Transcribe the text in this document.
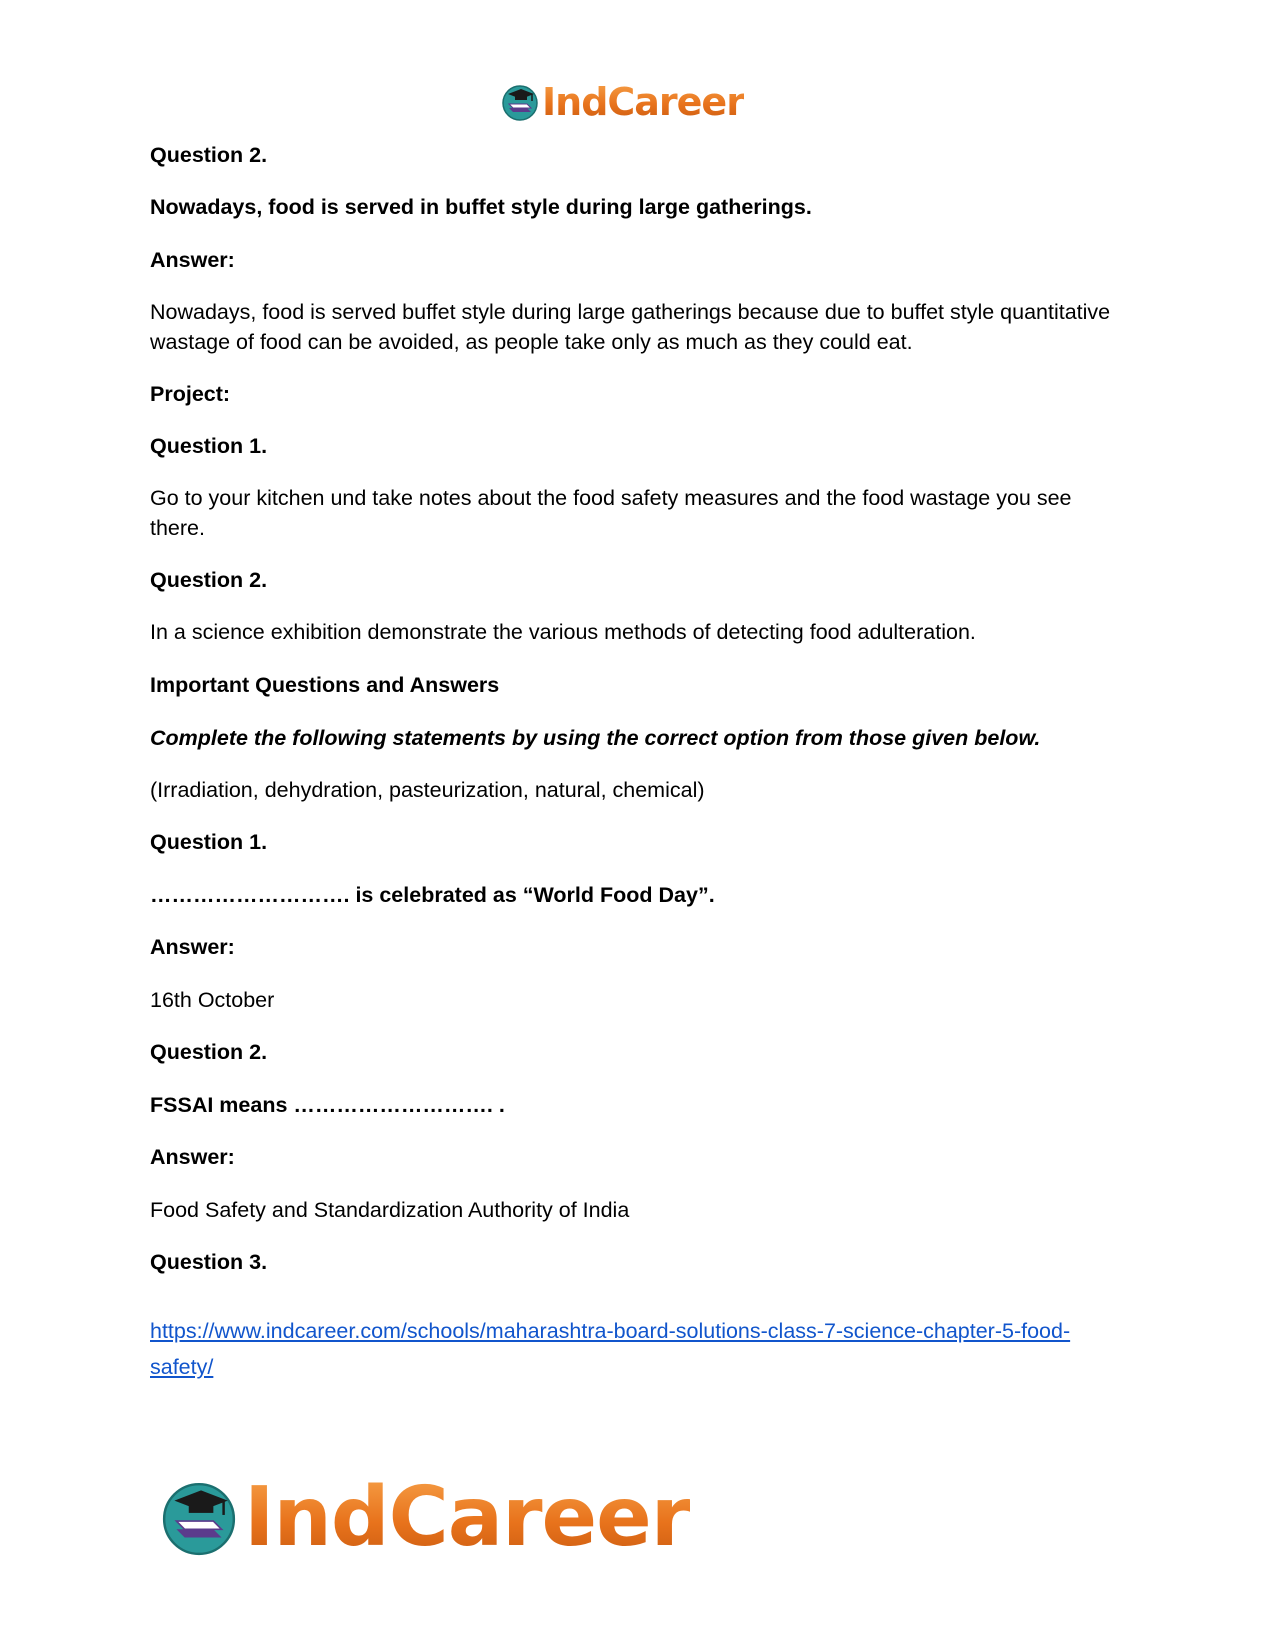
IndCareer
Question 2.
Nowadays, food is served in buffet style during large gatherings.
Answer:
Nowadays, food is served buffet style during large gatherings because due to buffet style quantitative wastage of food can be avoided, as people take only as much as they could eat.
Project:
Question 1.
Go to your kitchen und take notes about the food safety measures and the food wastage you see there.
Question 2.
In a science exhibition demonstrate the various methods of detecting food adulteration.
Important Questions and Answers
Complete the following statements by using the correct option from those given below.
(Irradiation, dehydration, pasteurization, natural, chemical)
Question 1.
………………………. is celebrated as “World Food Day”.
Answer:
16th October
Question 2.
FSSAI means ………………………. .
Answer:
Food Safety and Standardization Authority of India
Question 3.
https://www.indcareer.com/schools/maharashtra-board-solutions-class-7-science-chapter-5-food-safety/
IndCareer
